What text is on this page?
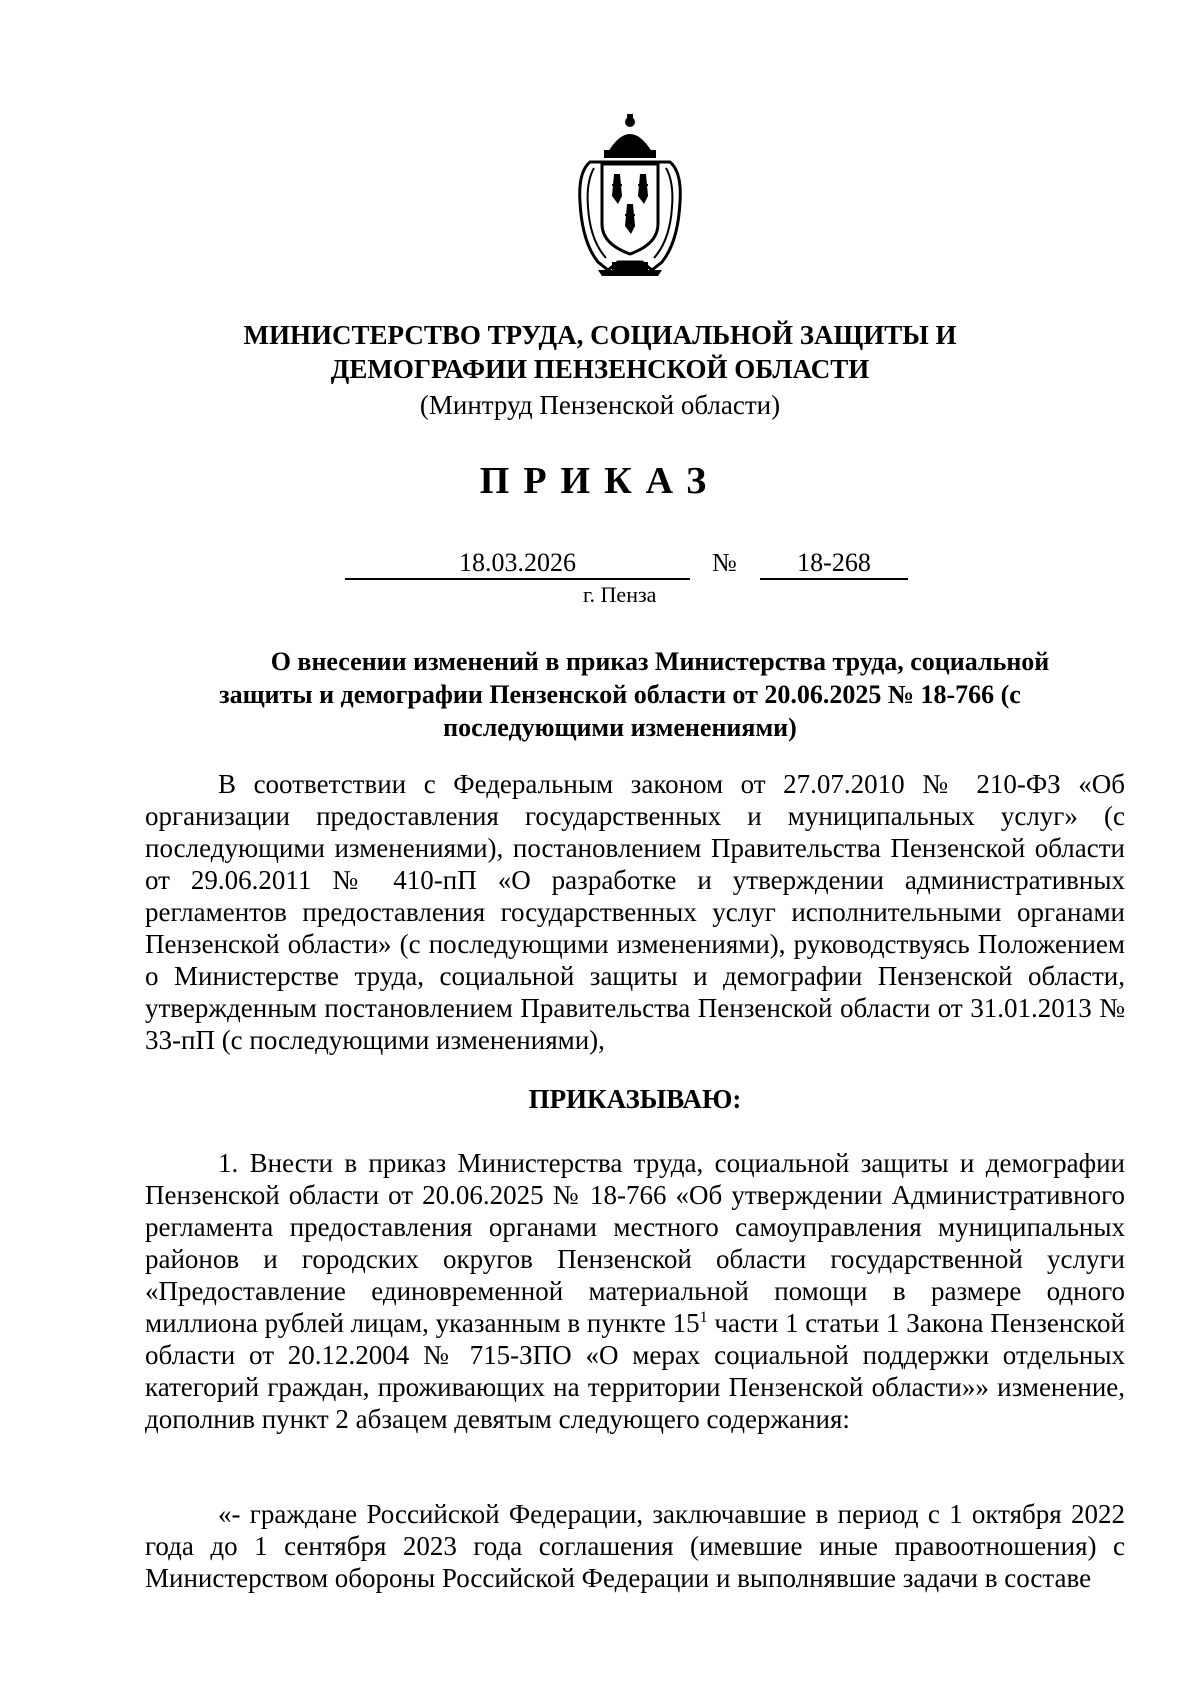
МИНИСТЕРСТВО ТРУДА, СОЦИАЛЬНОЙ ЗАЩИТЫ И
ДЕМОГРАФИИ ПЕНЗЕНСКОЙ ОБЛАСТИ
(Минтруд Пензенской области)
ПРИКАЗ
18.03.2026	№	18-268
г. Пенза
О внесении изменений в приказ Министерства труда, социальной
защиты и демографии Пензенской области от 20.06.2025 № 18-766 (с
последующими изменениями)

В соответствии с Федеральным законом от 27.07.2010 № 210-ФЗ «Об организации предоставления государственных и муниципальных услуг» (с последующими изменениями), постановлением Правительства Пензенской области от 29.06.2011 № 410-пП «О разработке и утверждении административных регламентов предоставления государственных услуг исполнительными органами Пензенской области» (с последующими изменениями), руководствуясь Положением о Министерстве труда, социальной защиты и демографии Пензенской области, утвержденным постановлением Правительства Пензенской области от 31.01.2013 № 33-пП (с последующими изменениями),

ПРИКАЗЫВАЮ:

1. Внести в приказ Министерства труда, социальной защиты и демографии Пензенской области от 20.06.2025 № 18-766 «Об утверждении Административного регламента предоставления органами местного самоуправления муниципальных районов и городских округов Пензенской области государственной услуги «Предоставление единовременной материальной помощи в размере одного миллиона рублей лицам, указанным в пункте $15^1$ части 1 статьи 1 Закона Пензенской области от 20.12.2004 № 715-ЗПО «О мерах социальной поддержки отдельных категорий граждан, проживающих на территории Пензенской области»» изменение, дополнив пункт 2 абзацем девятым следующего содержания:

«- граждане Российской Федерации, заключавшие в период с 1 октября 2022 года до 1 сентября 2023 года соглашения (имевшие иные правоотношения) с Министерством обороны Российской Федерации и выполнявшие задачи в составе
